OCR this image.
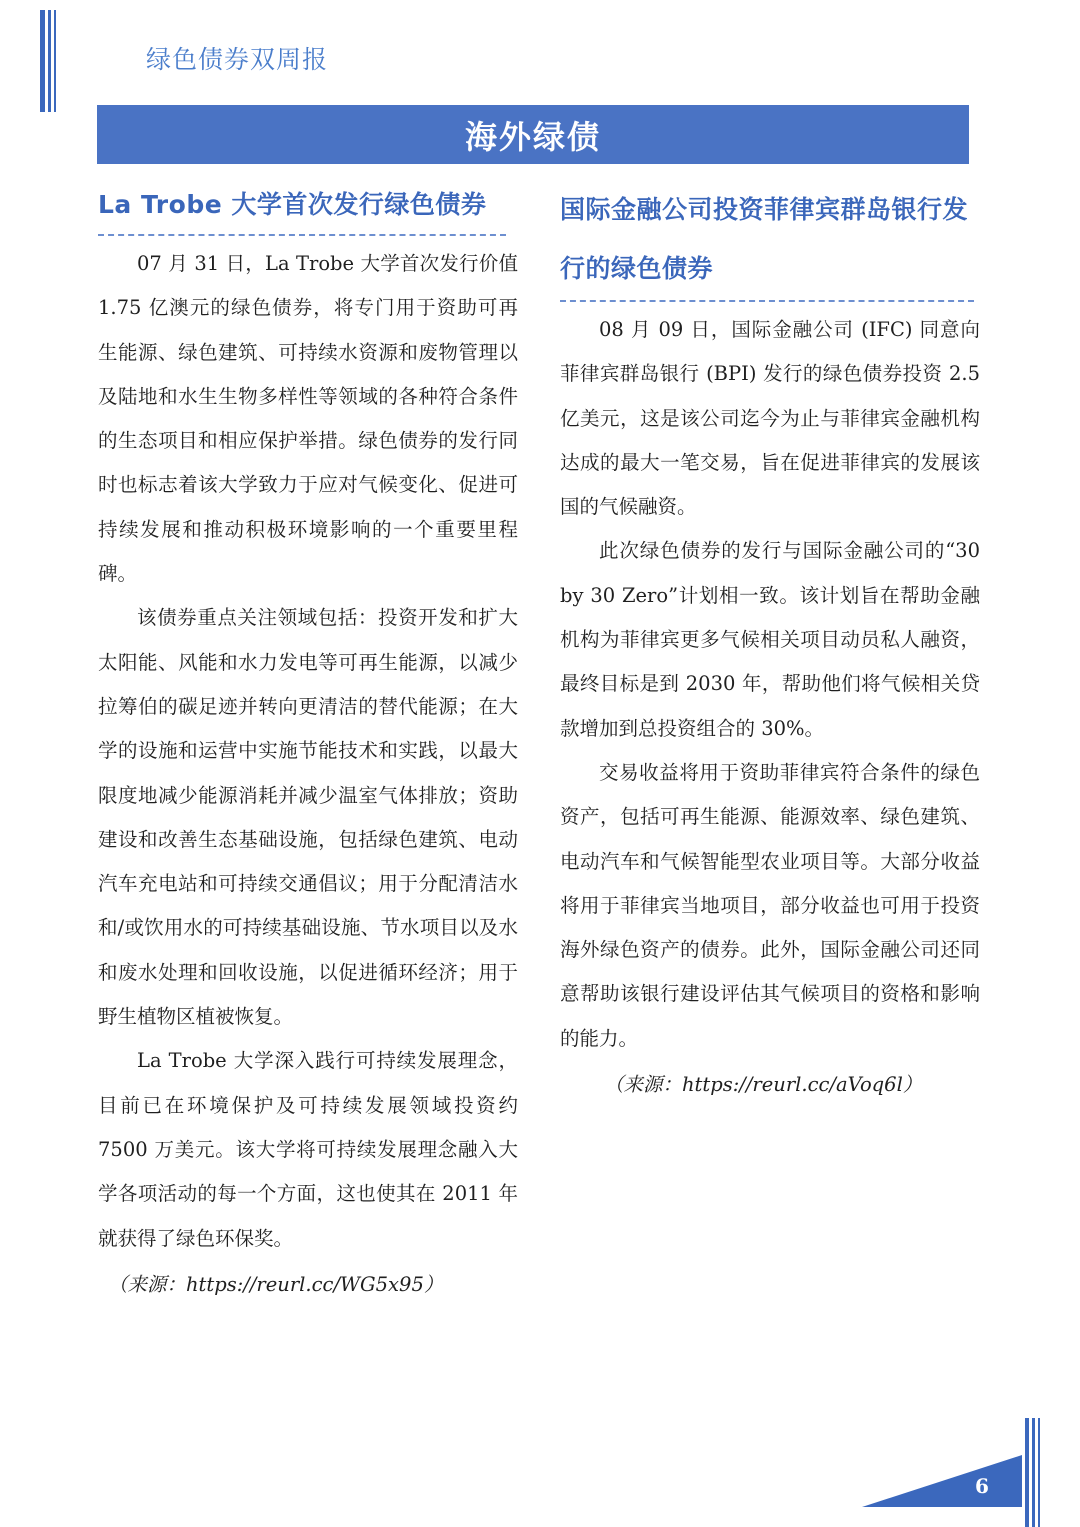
绿色债券双周报
海外绿债
La Trobe 大学首次发行绿色债券

07 月 31 日，La Trobe 大学首次发行价值 1.75 亿澳元的绿色债券，将专门用于资助可再生能源、绿色建筑、可持续水资源和废物管理以及陆地和水生生物多样性等领域的各种符合条件的生态项目和相应保护举措。绿色债券的发行同时也标志着该大学致力于应对气候变化、促进可持续发展和推动积极环境影响的一个重要里程碑。

该债券重点关注领域包括：投资开发和扩大太阳能、风能和水力发电等可再生能源，以减少拉筹伯的碳足迹并转向更清洁的替代能源；在大学的设施和运营中实施节能技术和实践，以最大限度地减少能源消耗并减少温室气体排放；资助建设和改善生态基础设施，包括绿色建筑、电动汽车充电站和可持续交通倡议；用于分配清洁水和/或饮用水的可持续基础设施、节水项目以及水和废水处理和回收设施，以促进循环经济；用于野生植物区植被恢复。

La Trobe 大学深入践行可持续发展理念，目前已在环境保护及可持续发展领域投资约 7500 万美元。该大学将可持续发展理念融入大学各项活动的每一个方面，这也使其在 2011 年就获得了绿色环保奖。

（来源：https://reurl.cc/WG5x95）
国际金融公司投资菲律宾群岛银行发行的绿色债券

08 月 09 日，国际金融公司 (IFC) 同意向菲律宾群岛银行 (BPI) 发行的绿色债券投资 2.5 亿美元，这是该公司迄今为止与菲律宾金融机构达成的最大一笔交易，旨在促进菲律宾的发展该国的气候融资。

此次绿色债券的发行与国际金融公司的“30 by 30 Zero”计划相一致。该计划旨在帮助金融机构为菲律宾更多气候相关项目动员私人融资，最终目标是到 2030 年，帮助他们将气候相关贷款增加到总投资组合的 30%。

交易收益将用于资助菲律宾符合条件的绿色资产，包括可再生能源、能源效率、绿色建筑、电动汽车和气候智能型农业项目等。大部分收益将用于菲律宾当地项目，部分收益也可用于投资海外绿色资产的债券。此外，国际金融公司还同意帮助该银行建设评估其气候项目的资格和影响的能力。

（来源：https://reurl.cc/aVoq6l）
6
